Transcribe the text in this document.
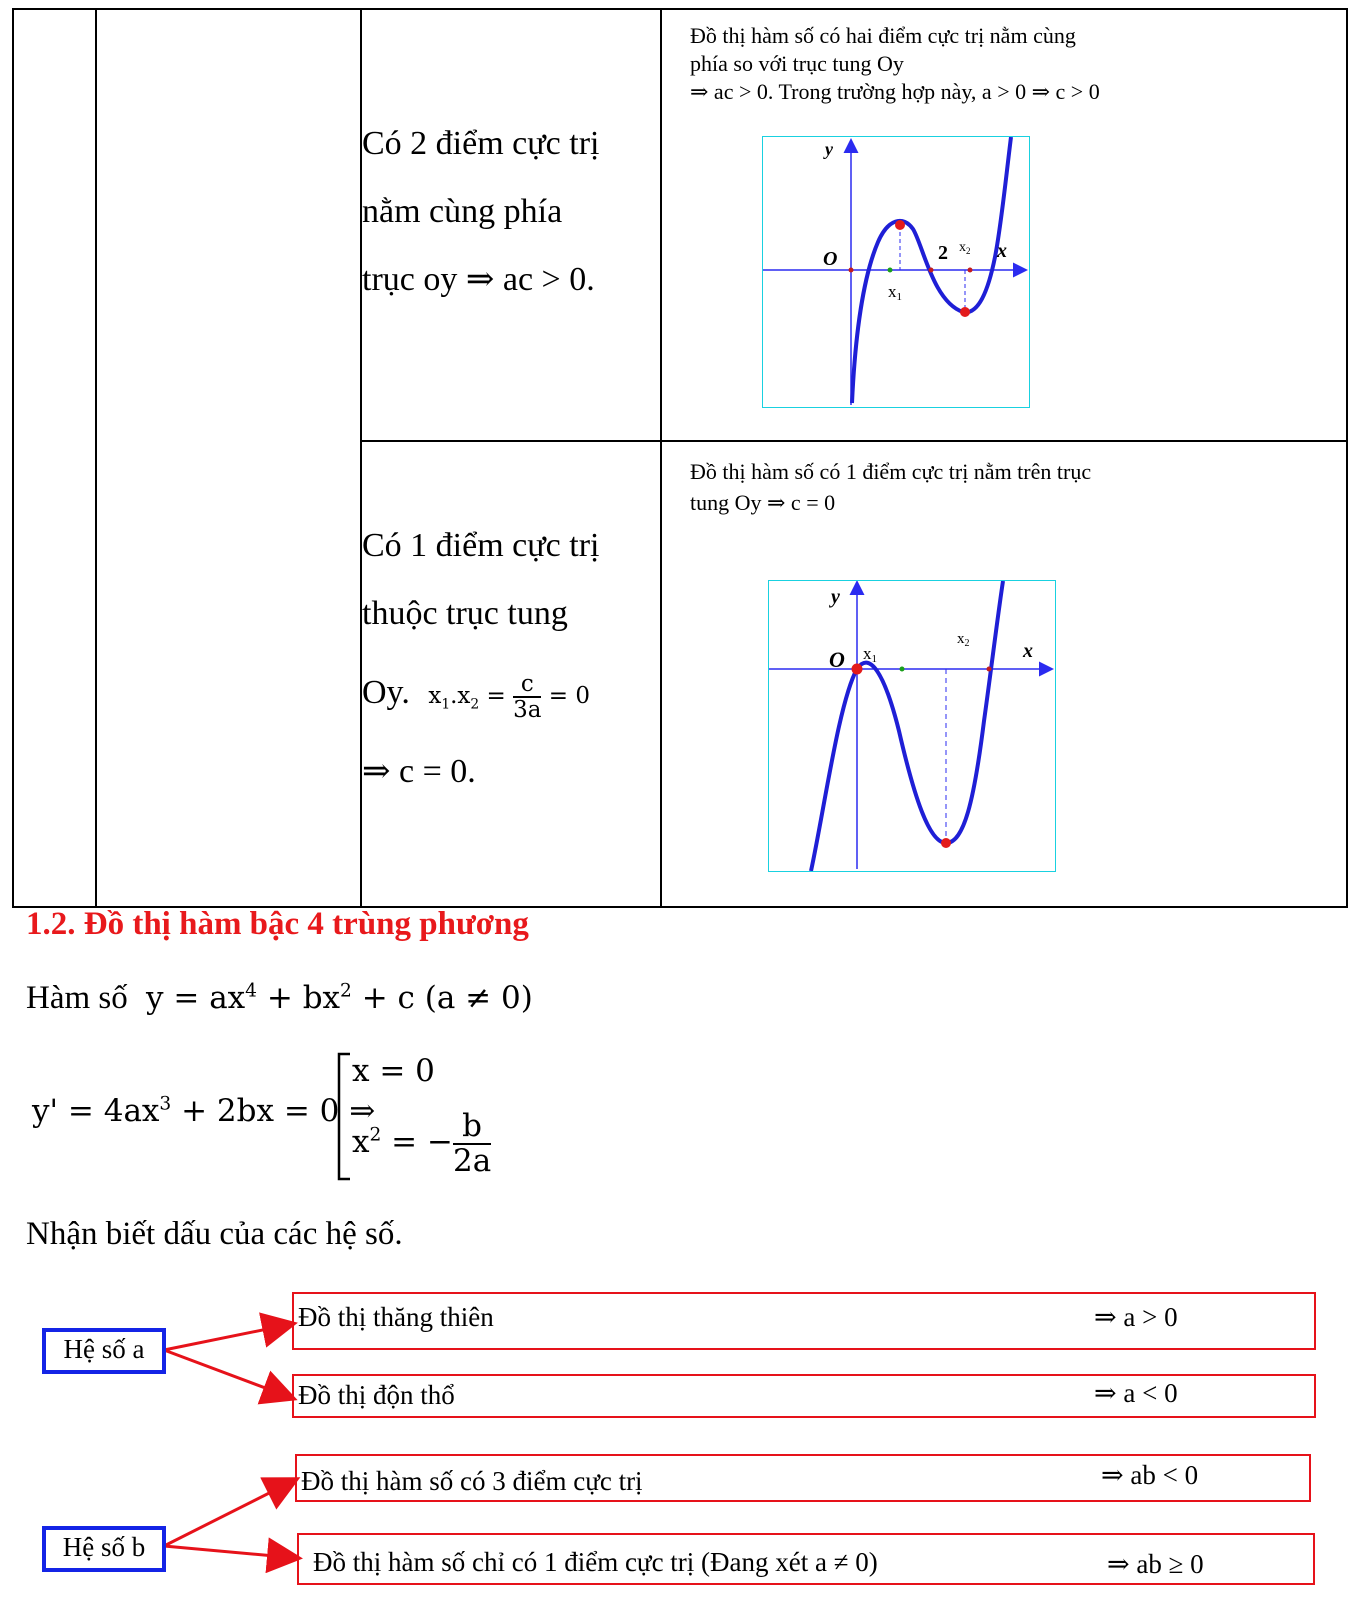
Có 2 điểm cực trị
nằm cùng phía
trục oy ⇒ ac > 0.
Đồ thị hàm số có hai điểm cực trị nằm cùng
phía so với trục tung Oy
⇒ ac > 0. Trong trường hợp này, a > 0 ⇒ c > 0
y
x
O	2
x1
$x_2$
Có 1 điểm cực trị
thuộc trục tung
Oy. $x_1.x_2 = \frac{c}{3a} = 0$
⇒ c = 0.
Đồ thị hàm số có 1 điểm cực trị nằm trên trục
tung Oy ⇒ c = 0
y
x
O x1
$x_2$
1.2. Đồ thị hàm bậc 4 trùng phương
Hàm số $y = ax^4 + bx^2 + c$ (a ≠ 0)
$y' = 4ax^3 + 2bx = 0$ ⇒
x = 0
$x^2$ = − $\frac{b}{2a}$
Nhận biết dấu của các hệ số.
Hệ số a
Đồ thị thăng thiên	⇒ a > 0
Đồ thị độn thổ	⇒ a < 0
Hệ số b
Đồ thị hàm số có 3 điểm cực trị	⇒ ab < 0
Đồ thị hàm số chỉ có 1 điểm cực trị (Đang xét a ≠ 0)	⇒ ab ≥ 0
